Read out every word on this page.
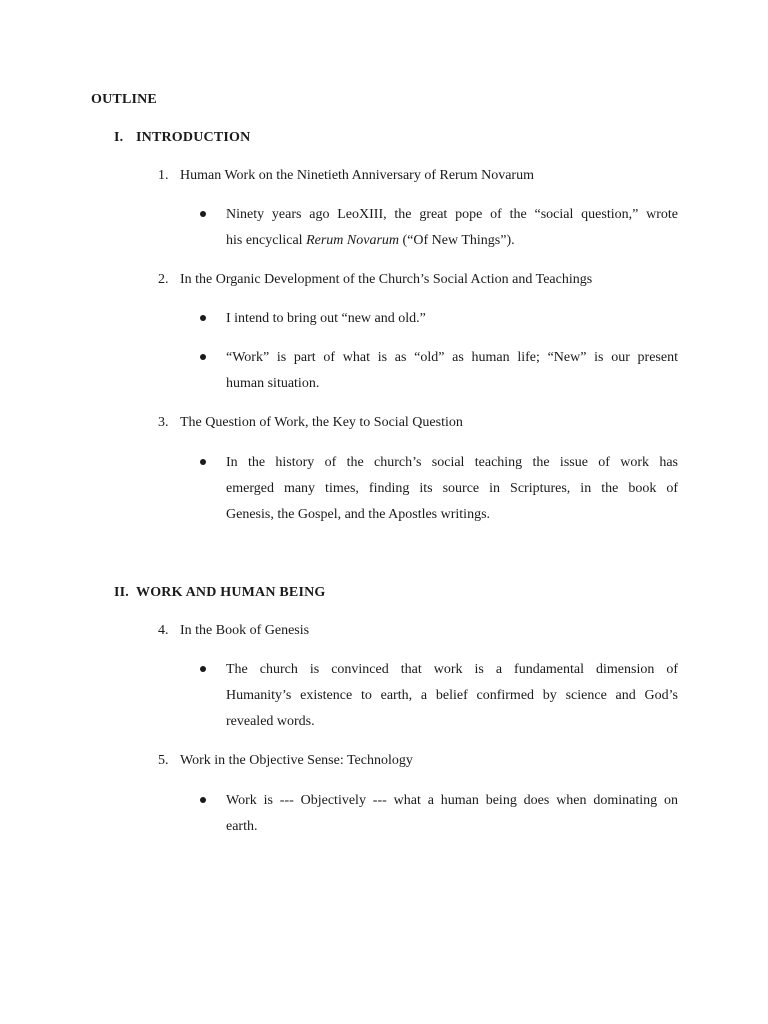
OUTLINE
I. INTRODUCTION
1. Human Work on the Ninetieth Anniversary of Rerum Novarum
Ninety years ago LeoXIII, the great pope of the “social question,” wrote
his encyclical Rerum Novarum (“Of New Things”).
2. In the Organic Development of the Church’s Social Action and Teachings
I intend to bring out “new and old.”
“Work” is part of what is as “old” as human life; “New” is our present
human situation.
3. The Question of Work, the Key to Social Question
In the history of the church’s social teaching the issue of work has
emerged many times, finding its source in Scriptures, in the book of
Genesis, the Gospel, and the Apostles writings.
II. WORK AND HUMAN BEING
4. In the Book of Genesis
The church is convinced that work is a fundamental dimension of
Humanity’s existence to earth, a belief confirmed by science and God’s
revealed words.
5. Work in the Objective Sense: Technology
Work is --- Objectively --- what a human being does when dominating on
earth.
